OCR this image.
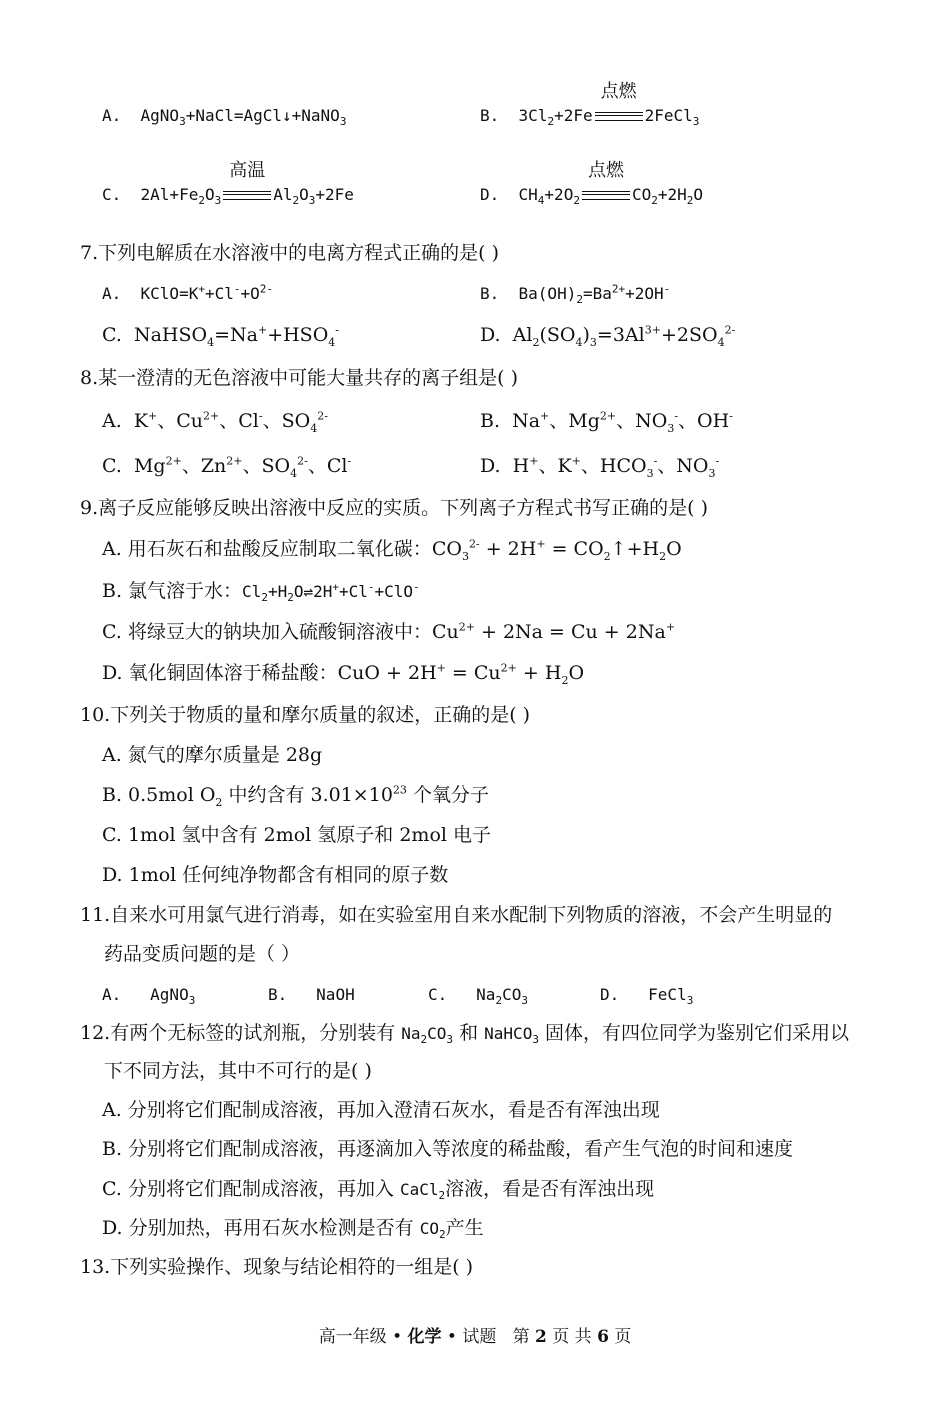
A.  AgNO$_3$+NaCl=AgCl↓+NaNO$_3$	B.  $3Cl_2+2Fe$
点燃
2FeCl$_3$
C.  $2Al+Fe_2O_3$
高温
$Al_2O_3+2Fe$	D.  $CH_4+2O_2$
点燃
$CO_2+2H_2O$
7.下列电解质在水溶液中的电离方程式正确的是( )
A.  $KClO=K^++Cl^-+O^{2-}$	B.  $Ba(OH)_2=Ba^{2+}+2OH^-$
C.  $NaHSO_4=Na^++HSO_4^-$	D.  $Al_2(SO_4)_3=3Al^{3+}+2SO_4^{2-}$
8.某一澄清的无色溶液中可能大量共存的离子组是( )
A.  K+、$Cu^{2+}$、Cl-、$SO_4^{2-}$	B.  Na+、$Mg^{2+}$、$NO_3^-$、OH-
C.  $Mg^{2+}$、$Zn^{2+}$、$SO_4^{2-}$、Cl-	D.  H+、K+、$HCO_3^-$、$NO_3^-$
9.离子反应能够反映出溶液中反应的实质。下列离子方程式书写正确的是( )
A. 用石灰石和盐酸反应制取二氧化碳：$CO_3^{2-} + 2H^+$ = $CO_2↑+H_2O$
B. 氯气溶于水：$Cl_2+H_2O\rightleftharpoons 2H^++Cl^-+ClO^-$
C. 将绿豆大的钠块加入硫酸铜溶液中：$Cu^{2+} + 2Na = Cu + 2Na^+$
D. 氧化铜固体溶于稀盐酸：CuO + $2H^+ = Cu^{2+} + H_2O$
10.下列关于物质的量和摩尔质量的叙述，正确的是( )
A. 氮气的摩尔质量是 28g
B. 0.5mol $O_2$ 中约含有 $3.01\times 10^{23}$ 个氧分子
C. 1mol 氢中含有 2mol 氢原子和 2mol 电子
D. 1mol 任何纯净物都含有相同的原子数
11.自来水可用氯气进行消毒，如在实验室用自来水配制下列物质的溶液，不会产生明显的
药品变质问题的是（ ）
A.   AgNO$_3$	B. NaOH	C.   $Na_2CO_3$	D.   FeCl$_3$
12.有两个无标签的试剂瓶，分别装有 $Na_2CO_3$ 和 NaHCO$_3$ 固体，有四位同学为鉴别它们采用以
下不同方法，其中不可行的是( )
A. 分别将它们配制成溶液，再加入澄清石灰水，看是否有浑浊出现
B. 分别将它们配制成溶液，再逐滴加入等浓度的稀盐酸，看产生气泡的时间和速度
C. 分别将它们配制成溶液，再加入 CaCl$_2$溶液，看是否有浑浊出现
D. 分别加热，再用石灰水检测是否有 $CO_2$产生
13.下列实验操作、现象与结论相符的一组是( )
高一年级 • 化学 • 试题 第 2 页 共 6 页
